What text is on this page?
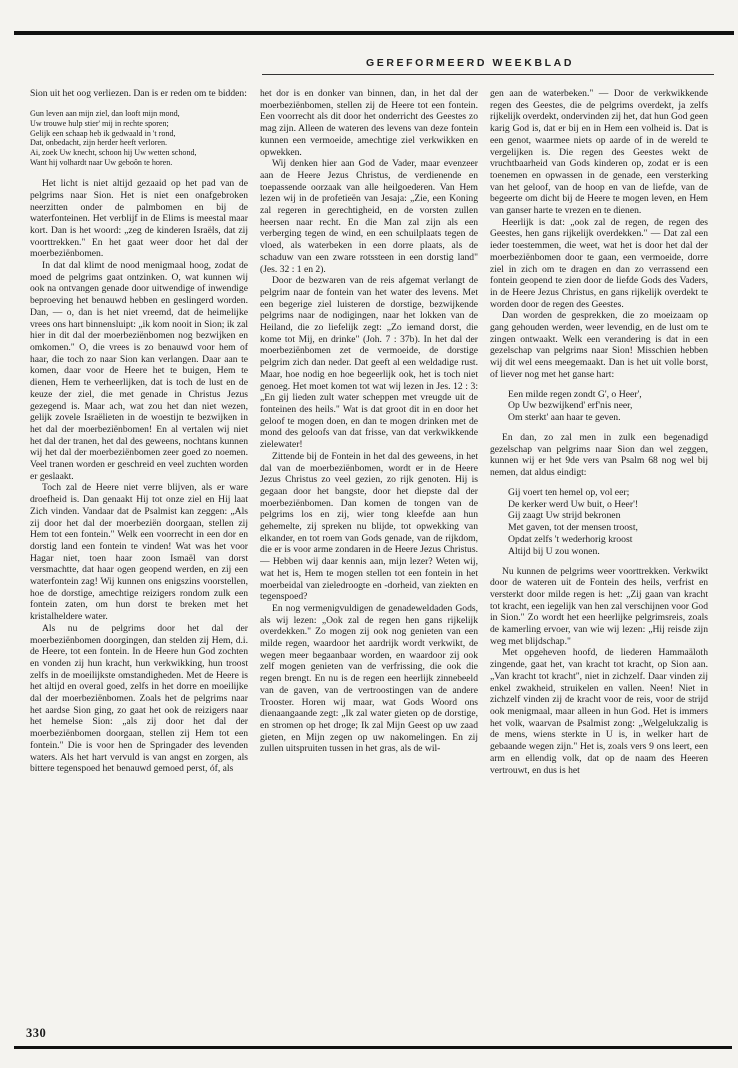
GEREFORMEERD WEEKBLAD

Sion uit het oog verliezen. Dan is er reden om te bidden:

Gun leven aan mijn ziel, dan looft mijn mond,
Uw trouwe hulp stier' mij in rechte sporen;
Gelijk een schaap heb ik gedwaald in 't rond,
Dat, onbedacht, zijn herder heeft verloren.
Ai, zoek Uw knecht, schoon hij Uw wetten schond,
Want hij volhardt naar Uw geboôn te horen.

Het licht is niet altijd gezaaid op het pad van de pelgrims naar Sion. Het is niet een onafgebroken neerzitten onder de palmbomen en bij de waterfonteinen. Het verblijf in de Elims is meestal maar kort. Dan is het woord: „zeg de kinderen Israëls, dat zij voorttrekken." En het gaat weer door het dal der moerbeziënbomen.

In dat dal klimt de nood menigmaal hoog, zodat de moed de pelgrims gaat ontzinken. O, wat kunnen wij ook na ontvangen genade door uitwendige of inwendige beproeving het benauwd hebben en geslingerd worden. Dan, — o, dan is het niet vreemd, dat de heimelijke vrees ons hart binnensluipt: „ik kom nooit in Sion; ik zal hier in dit dal der moerbeziënbomen nog bezwijken en omkomen." O, die vrees is zo benauwd voor hem of haar, die toch zo naar Sion kan verlangen. Daar aan te komen, daar voor de Heere het te buigen, Hem te dienen, Hem te verheerlijken, dat is toch de lust en de keuze der ziel, die met genade in Christus Jezus gezegend is. Maar ach, wat zou het dan niet wezen, gelijk zovele Israëlieten in de woestijn te bezwijken in het dal der moerbeziënbomen! En al vertalen wij niet het dal der tranen, het dal des geweens, nochtans kunnen wij het dal der moerbeziënbomen zeer goed zo noemen. Veel tranen worden er geschreid en veel zuchten worden er geslaakt.

Toch zal de Heere niet verre blijven, als er ware droefheid is. Dan genaakt Hij tot onze ziel en Hij laat Zich vinden. Vandaar dat de Psalmist kan zeggen: „Als zij door het dal der moerbeziën doorgaan, stellen zij Hem tot een fontein." Welk een voorrecht in een dor en dorstig land een fontein te vinden! Wat was het voor Hagar niet, toen haar zoon Ismaël van dorst versmachtte, dat haar ogen geopend werden, en zij een waterfontein zag! Wij kunnen ons enigszins voorstellen, hoe de dorstige, amechtige reizigers rondom zulk een fontein zaten, om hun dorst te breken met het kristalheldere water.

Als nu de pelgrims door het dal der moerbeziënbomen doorgingen, dan stelden zij Hem, d.i. de Heere, tot een fontein. In de Heere hun God zochten en vonden zij hun kracht, hun verkwikking, hun troost zelfs in de moeilijkste omstandigheden. Met de Heere is het altijd en overal goed, zelfs in het dorre en moeilijke dal der moerbeziënbomen. Zoals het de pelgrims naar het aardse Sion ging, zo gaat het ook de reizigers naar het hemelse Sion: „als zij door het dal der moerbeziënbomen doorgaan, stellen zij Hem tot een fontein." Die is voor hen de Springader des levenden waters. Als het hart vervuld is van angst en zorgen, als bittere tegenspoed het benauwd gemoed perst, óf, als

het dor is en donker van binnen, dan, in het dal der moerbeziënbomen, stellen zij de Heere tot een fontein. Een voorrecht als dit door het onderricht des Geestes zo mag zijn. Alleen de wateren des levens van deze fontein kunnen een vermoeide, amechtige ziel verkwikken en opwekken.

Wij denken hier aan God de Vader, maar evenzeer aan de Heere Jezus Christus, de verdienende en toepassende oorzaak van alle heilgoederen. Van Hem lezen wij in de profetieën van Jesaja: „Zie, een Koning zal regeren in gerechtigheid, en de vorsten zullen heersen naar recht. En die Man zal zijn als een verberging tegen de wind, en een schuilplaats tegen de vloed, als waterbeken in een dorre plaats, als de schaduw van een zware rotssteen in een dorstig land" (Jes. 32 : 1 en 2).

Door de bezwaren van de reis afgemat verlangt de pelgrim naar de fontein van het water des levens. Met een begerige ziel luisteren de dorstige, bezwijkende pelgrims naar de nodigingen, naar het lokken van de Heiland, die zo liefelijk zegt: „Zo iemand dorst, die kome tot Mij, en drinke" (Joh. 7 : 37b). In het dal der moerbeziënbomen zet de vermoeide, de dorstige pelgrim zich dan neder. Dat geeft al een weldadige rust. Maar, hoe nodig en hoe begeerlijk ook, het is toch niet genoeg. Het moet komen tot wat wij lezen in Jes. 12 : 3: „En gij lieden zult water scheppen met vreugde uit de fonteinen des heils." Wat is dat groot dit in en door het geloof te mogen doen, en dan te mogen drinken met de mond des geloofs van dat frisse, van dat verkwikkende zielewater!

Zittende bij de Fontein in het dal des geweens, in het dal van de moerbeziënbomen, wordt er in de Heere Jezus Christus zo veel gezien, zo rijk genoten. Hij is gegaan door het bangste, door het diepste dal der moerbeziënbomen. Dan komen de tongen van de pelgrims los en zij, wier tong kleefde aan hun gehemelte, zij spreken nu blijde, tot opwekking van elkander, en tot roem van Gods genade, van de rijkdom, die er is voor arme zondaren in de Heere Jezus Christus. — Hebben wij daar kennis aan, mijn lezer? Weten wij, wat het is, Hem te mogen stellen tot een fontein in het moerbeidal van zieledroogte en -dorheid, van ziekten en tegenspoed?

En nog vermenigvuldigen de genadeweldaden Gods, als wij lezen: „Ook zal de regen hen gans rijkelijk overdekken." Zo mogen zij ook nog genieten van een milde regen, waardoor het aardrijk wordt verkwikt, de wegen meer begaanbaar worden, en waardoor zij ook zelf mogen genieten van de verfrissing, die ook die regen brengt. En nu is de regen een heerlijk zinnebeeld van de gaven, van de vertroostingen van de andere Trooster. Horen wij maar, wat Gods Woord ons dienaangaande zegt: „Ik zal water gieten op de dorstige, en stromen op het droge; Ik zal Mijn Geest op uw zaad gieten, en Mijn zegen op uw nakomelingen. En zij zullen uitspruiten tussen in het gras, als de wil-

gen aan de waterbeken." — Door de verkwikkende regen des Geestes, die de pelgrims overdekt, ja zelfs rijkelijk overdekt, ondervinden zij het, dat hun God geen karig God is, dat er bij en in Hem een volheid is. Dat is een genot, waarmee niets op aarde of in de wereld te vergelijken is. Die regen des Geestes wekt de vruchtbaarheid van Gods kinderen op, zodat er is een toenemen en opwassen in de genade, een versterking van het geloof, van de hoop en van de liefde, van de begeerte om dicht bij de Heere te mogen leven, en Hem van ganser harte te vrezen en te dienen.

Heerlijk is dat: „ook zal de regen, de regen des Geestes, hen gans rijkelijk overdekken." — Dat zal een ieder toestemmen, die weet, wat het is door het dal der moerbeziënbomen door te gaan, een vermoeide, dorre ziel in zich om te dragen en dan zo verrassend een fontein geopend te zien door de liefde Gods des Vaders, in de Heere Jezus Christus, en gans rijkelijk overdekt te worden door de regen des Geestes.

Dan worden de gesprekken, die zo moeizaam op gang gehouden werden, weer levendig, en de lust om te zingen ontwaakt. Welk een verandering is dat in een gezelschap van pelgrims naar Sion! Misschien hebben wij dit wel eens meegemaakt. Dan is het uit volle borst, of liever nog met het ganse hart:

Een milde regen zondt G', o Heer',
Op Uw bezwijkend' erf'nis neer,
Om sterkt' aan haar te geven.

En dan, zo zal men in zulk een begenadigd gezelschap van pelgrims naar Sion dan wel zeggen, kunnen wij er het 9de vers van Psalm 68 nog wel bij nemen, dat aldus eindigt:

Gij voert ten hemel op, vol eer;
De kerker werd Uw buit, o Heer'!
Gij zaagt Uw strijd bekronen
Met gaven, tot der mensen troost,
Opdat zelfs 't wederhorig kroost
Altijd bij U zou wonen.

Nu kunnen de pelgrims weer voorttrekken. Verkwikt door de wateren uit de Fontein des heils, verfrist en versterkt door milde regen is het: „Zij gaan van kracht tot kracht, een iegelijk van hen zal verschijnen voor God in Sion." Zo wordt het een heerlijke pelgrimsreis, zoals de kamerling ervoer, van wie wij lezen: „Hij reisde zijn weg met blijdschap."

Met opgeheven hoofd, de liederen Hammaäloth zingende, gaat het, van kracht tot kracht, op Sion aan. „Van kracht tot kracht", niet in zichzelf. Daar vinden zij enkel zwakheid, struikelen en vallen. Neen! Niet in zichzelf vinden zij de kracht voor de reis, voor de strijd ook menigmaal, maar alleen in hun God. Het is immers het volk, waarvan de Psalmist zong: „Welgelukzalig is de mens, wiens sterkte in U is, in welker hart de gebaande wegen zijn." Het is, zoals vers 9 ons leert, een arm en ellendig volk, dat op de naam des Heeren vertrouwt, en dus is het

330
